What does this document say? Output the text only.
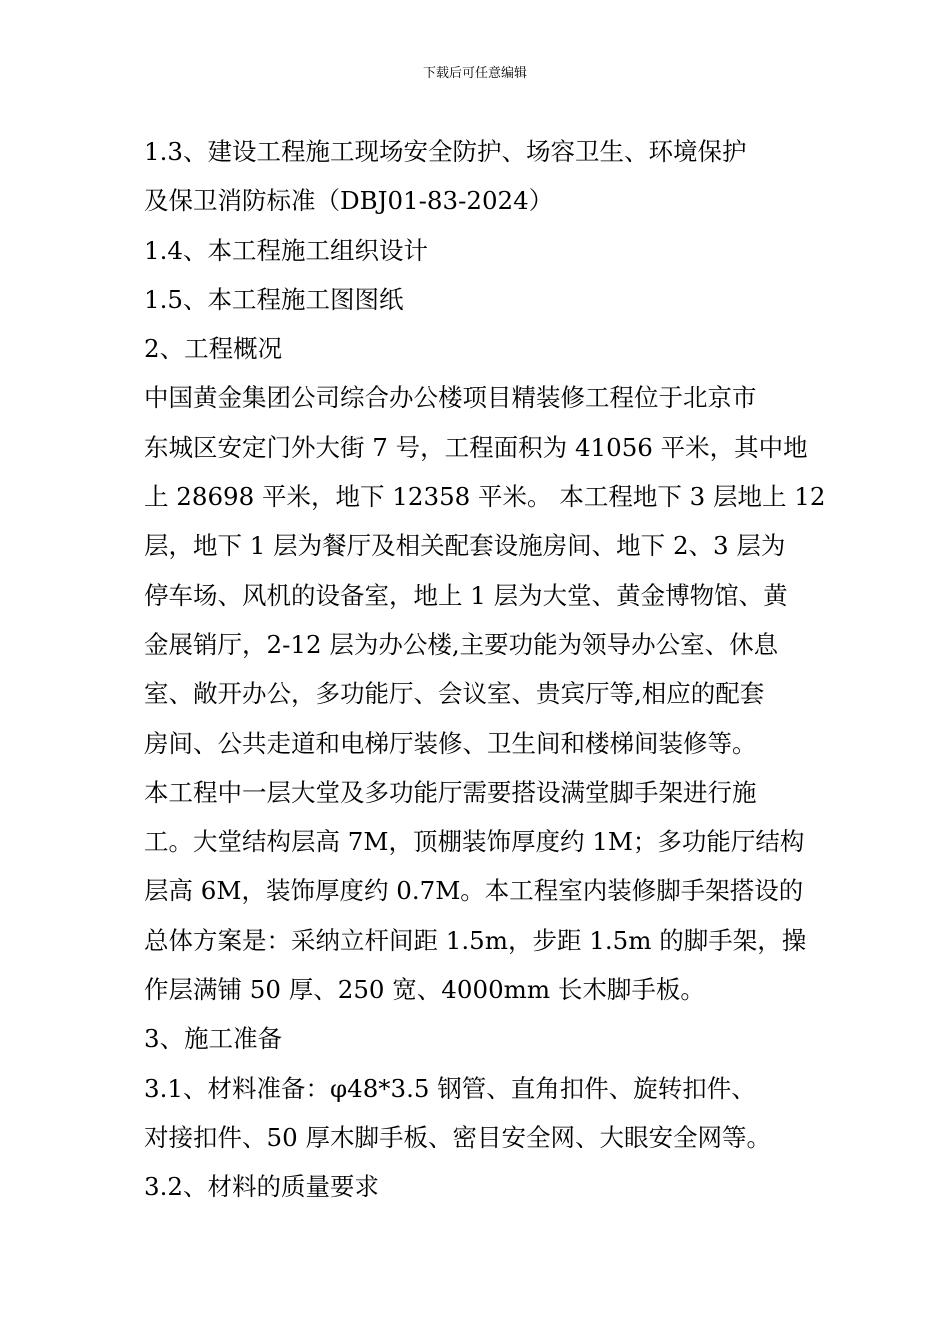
下载后可任意编辑
1.3、建设工程施工现场安全防护、场容卫生、环境保护
及保卫消防标准（DBJ01-83-2024）
1.4、本工程施工组织设计
1.5、本工程施工图图纸
2、工程概况
中国黄金集团公司综合办公楼项目精装修工程位于北京市
东城区安定门外大街 7 号，工程面积为 41056 平米，其中地
上 28698 平米，地下 12358 平米。 本工程地下 3 层地上 12
层，地下 1 层为餐厅及相关配套设施房间、地下 2、3 层为
停车场、风机的设备室，地上 1 层为大堂、黄金博物馆、黄
金展销厅，2-12 层为办公楼,主要功能为领导办公室、休息
室、敞开办公，多功能厅、会议室、贵宾厅等,相应的配套
房间、公共走道和电梯厅装修、卫生间和楼梯间装修等。
本工程中一层大堂及多功能厅需要搭设满堂脚手架进行施
工。大堂结构层高 7M，顶棚装饰厚度约 1M；多功能厅结构
层高 6M，装饰厚度约 0.7M。本工程室内装修脚手架搭设的
总体方案是：采纳立杆间距 1.5m，步距 1.5m 的脚手架，操
作层满铺 50 厚、250 宽、4000mm 长木脚手板。
3、施工准备
3.1、材料准备：φ48*3.5 钢管、直角扣件、旋转扣件、
对接扣件、50 厚木脚手板、密目安全网、大眼安全网等。
3.2、材料的质量要求
